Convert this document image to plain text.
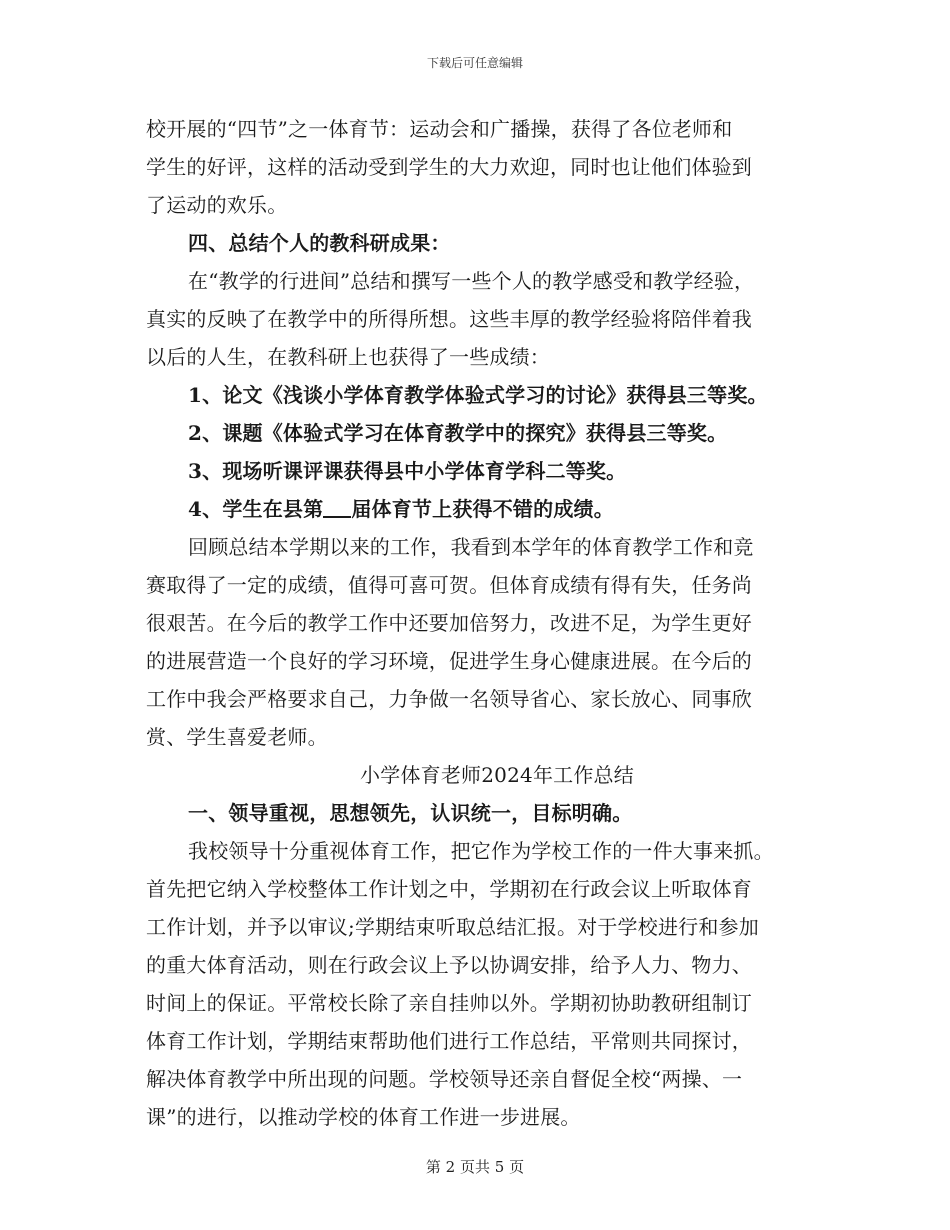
下载后可任意编辑
校开展的“四节”之一体育节：运动会和广播操，获得了各位老师和
学生的好评，这样的活动受到学生的大力欢迎，同时也让他们体验到
了运动的欢乐。
四、总结个人的教科研成果：
在“教学的行进间”总结和撰写一些个人的教学感受和教学经验，
真实的反映了在教学中的所得所想。这些丰厚的教学经验将陪伴着我
以后的人生，在教科研上也获得了一些成绩：
1、论文《浅谈小学体育教学体验式学习的讨论》获得县三等奖。
2、课题《体验式学习在体育教学中的探究》获得县三等奖。
3、现场听课评课获得县中小学体育学科二等奖。
4、学生在县第 届体育节上获得不错的成绩。
回顾总结本学期以来的工作，我看到本学年的体育教学工作和竞
赛取得了一定的成绩，值得可喜可贺。但体育成绩有得有失，任务尚
很艰苦。在今后的教学工作中还要加倍努力，改进不足，为学生更好
的进展营造一个良好的学习环境，促进学生身心健康进展。在今后的
工作中我会严格要求自己，力争做一名领导省心、家长放心、同事欣
赏、学生喜爱老师。
小学体育老师2024年工作总结
一、领导重视，思想领先，认识统一，目标明确。
我校领导十分重视体育工作，把它作为学校工作的一件大事来抓。
首先把它纳入学校整体工作计划之中，学期初在行政会议上听取体育
工作计划，并予以审议;学期结束听取总结汇报。对于学校进行和参加
的重大体育活动，则在行政会议上予以协调安排，给予人力、物力、
时间上的保证。平常校长除了亲自挂帅以外。学期初协助教研组制订
体育工作计划，学期结束帮助他们进行工作总结，平常则共同探讨，
解决体育教学中所出现的问题。学校领导还亲自督促全校“两操、一
课”的进行，以推动学校的体育工作进一步进展。
第 2 页共 5 页
